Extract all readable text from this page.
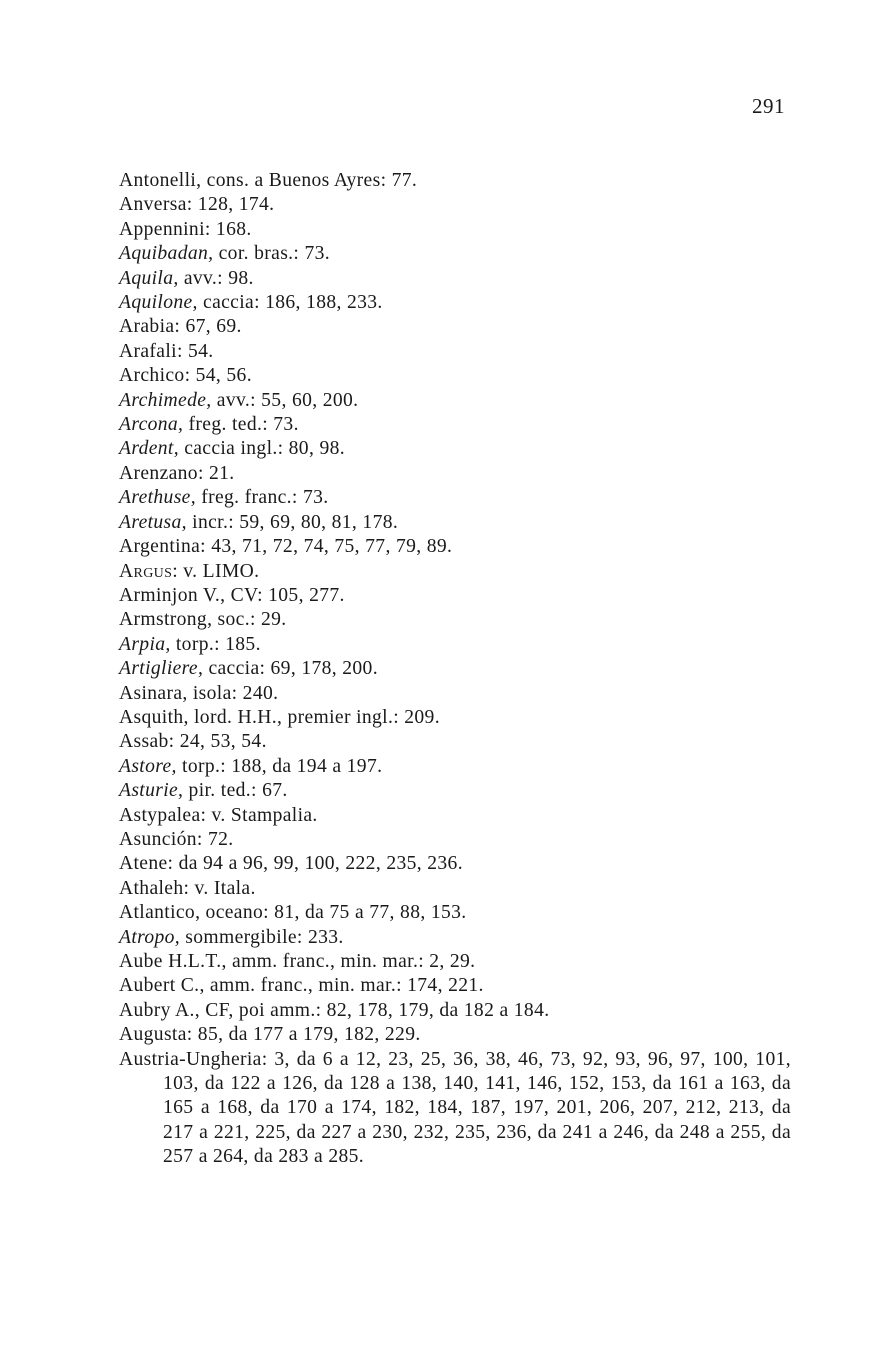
291
Antonelli, cons. a Buenos Ayres: 77.
Anversa: 128, 174.
Appennini: 168.
Aquibadan, cor. bras.: 73.
Aquila, avv.: 98.
Aquilone, caccia: 186, 188, 233.
Arabia: 67, 69.
Arafali: 54.
Archico: 54, 56.
Archimede, avv.: 55, 60, 200.
Arcona, freg. ted.: 73.
Ardent, caccia ingl.: 80, 98.
Arenzano: 21.
Arethuse, freg. franc.: 73.
Aretusa, incr.: 59, 69, 80, 81, 178.
Argentina: 43, 71, 72, 74, 75, 77, 79, 89.
Argus: v. LIMO.
Arminjon V., CV: 105, 277.
Armstrong, soc.: 29.
Arpia, torp.: 185.
Artigliere, caccia: 69, 178, 200.
Asinara, isola: 240.
Asquith, lord. H.H., premier ingl.: 209.
Assab: 24, 53, 54.
Astore, torp.: 188, da 194 a 197.
Asturie, pir. ted.: 67.
Astypalea: v. Stampalia.
Asunción: 72.
Atene: da 94 a 96, 99, 100, 222, 235, 236.
Athaleh: v. Itala.
Atlantico, oceano: 81, da 75 a 77, 88, 153.
Atropo, sommergibile: 233.
Aube H.L.T., amm. franc., min. mar.: 2, 29.
Aubert C., amm. franc., min. mar.: 174, 221.
Aubry A., CF, poi amm.: 82, 178, 179, da 182 a 184.
Augusta: 85, da 177 a 179, 182, 229.
Austria-Ungheria: 3, da 6 a 12, 23, 25, 36, 38, 46, 73, 92, 93, 96, 97, 100, 101, 103, da 122 a 126, da 128 a 138, 140, 141, 146, 152, 153, da 161 a 163, da 165 a 168, da 170 a 174, 182, 184, 187, 197, 201, 206, 207, 212, 213, da 217 a 221, 225, da 227 a 230, 232, 235, 236, da 241 a 246, da 248 a 255, da 257 a 264, da 283 a 285.
